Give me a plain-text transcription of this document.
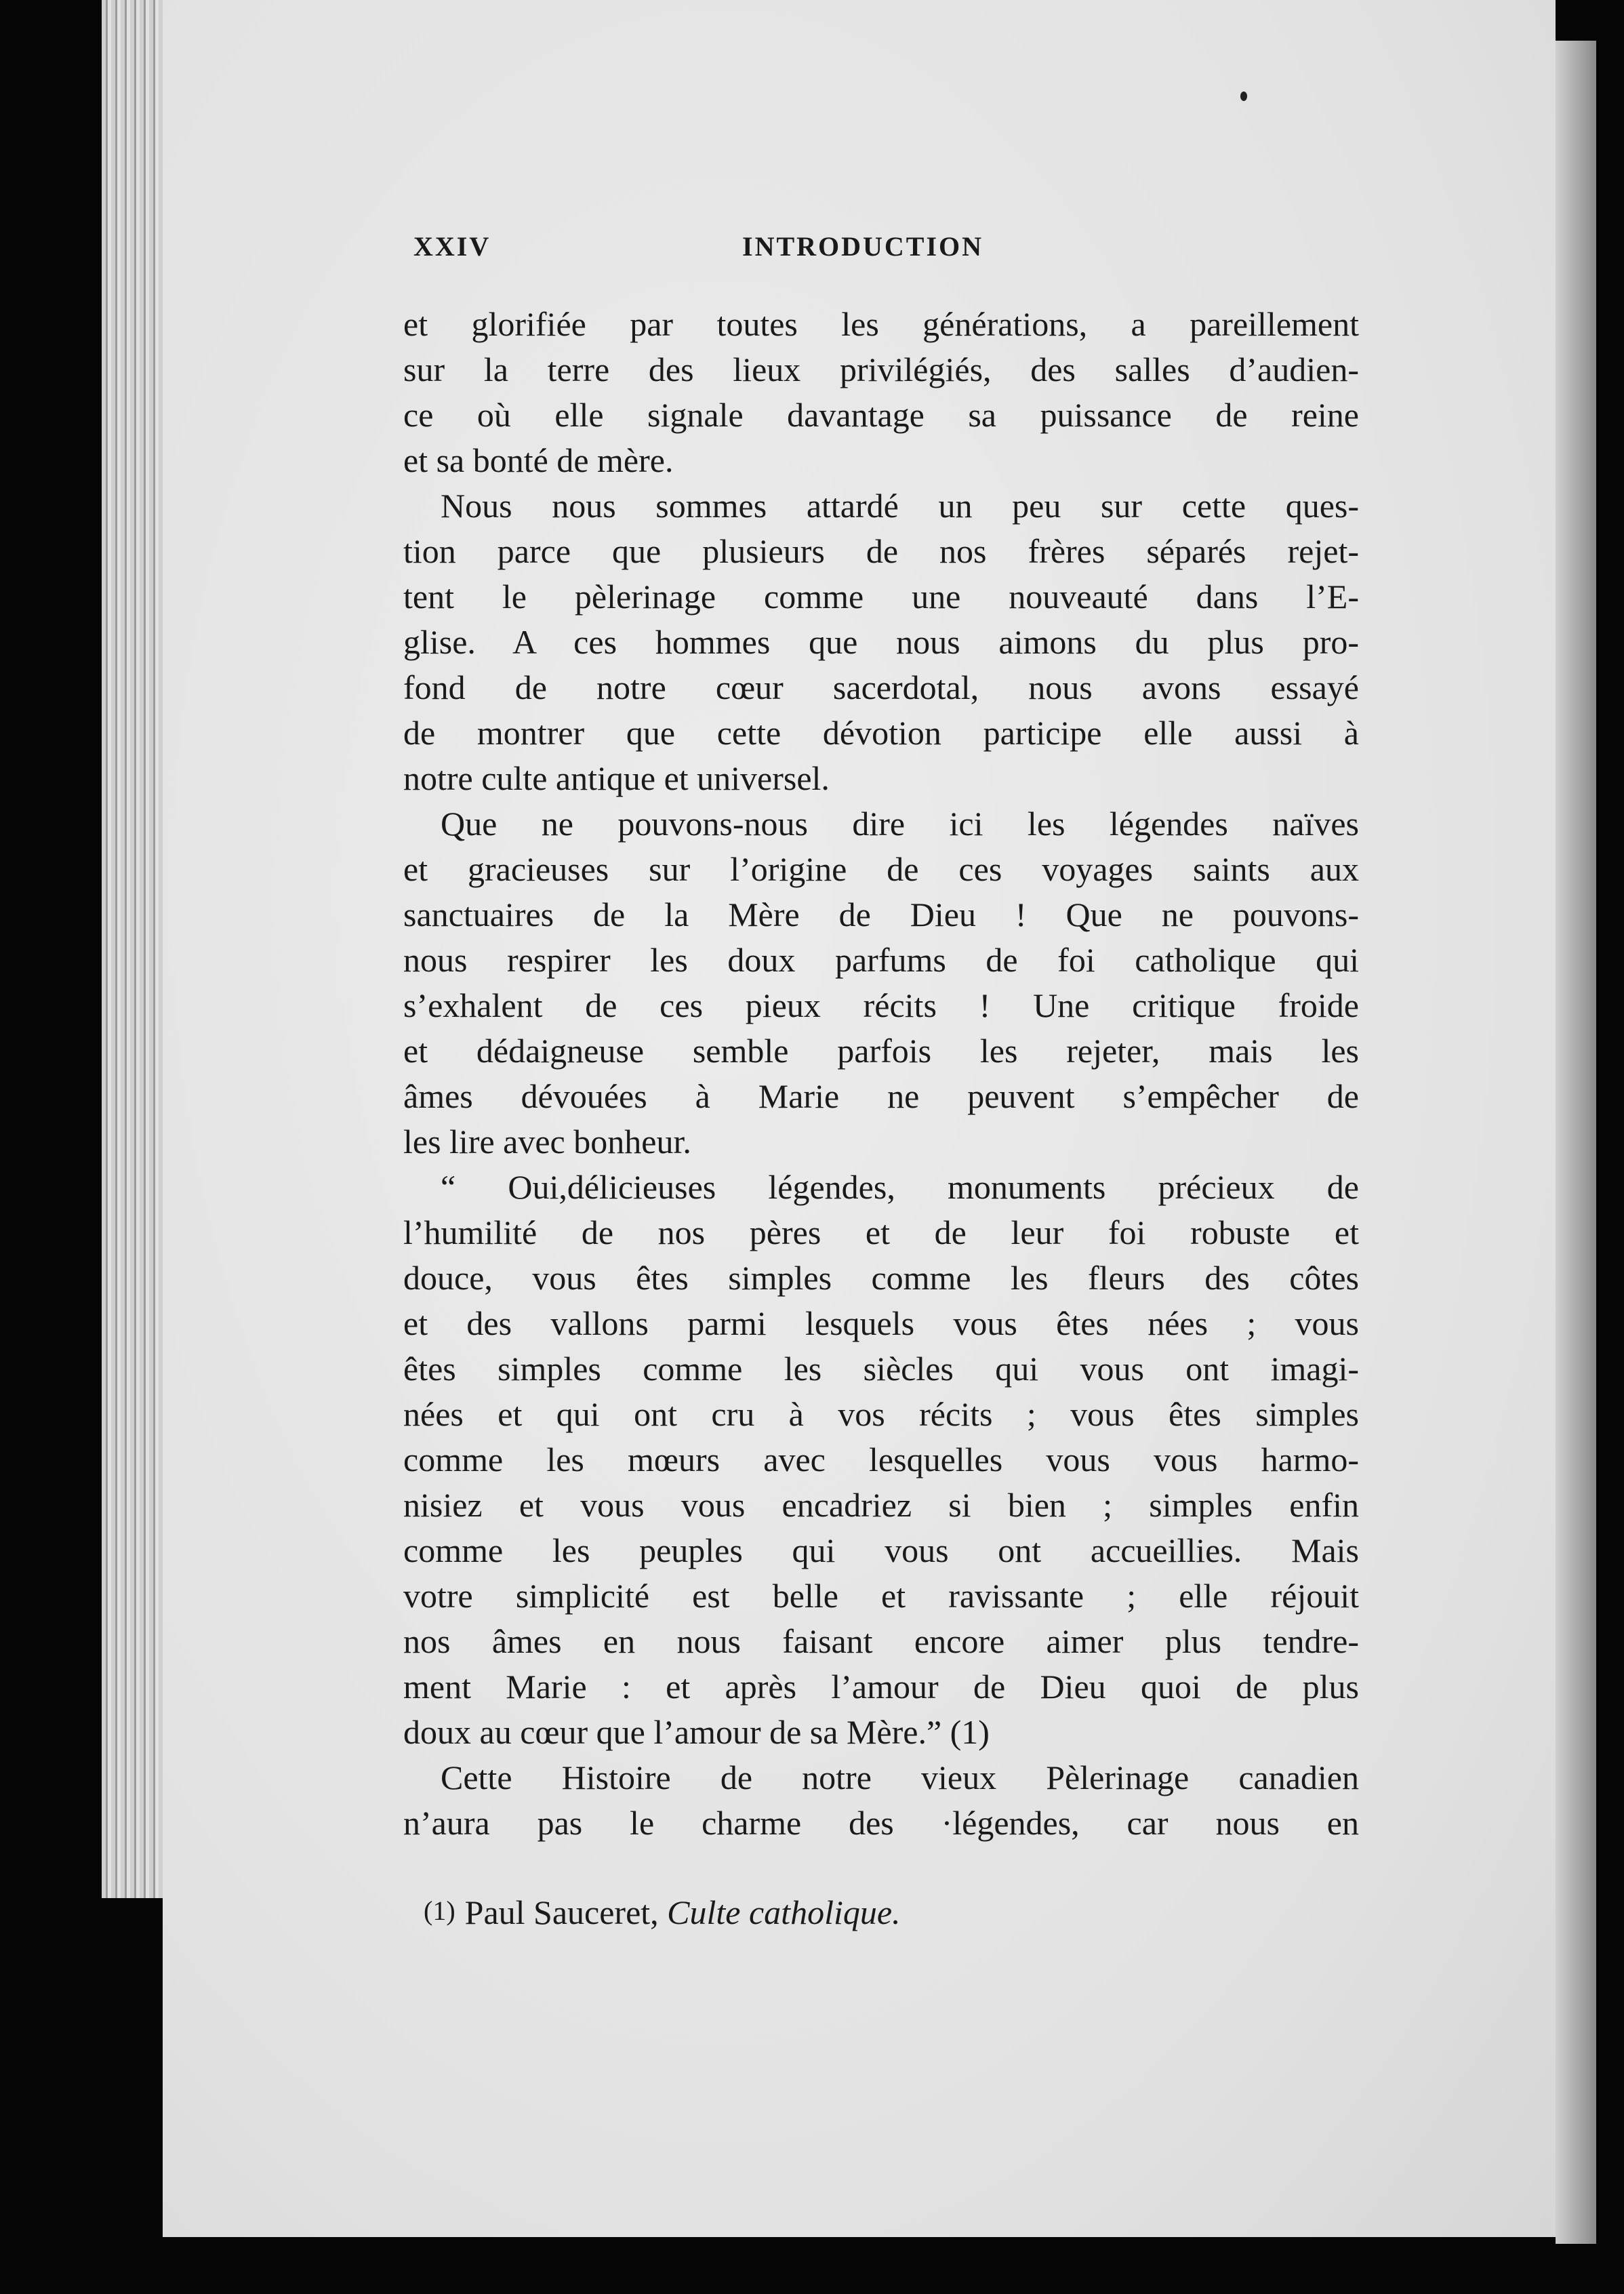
XXIV	INTRODUCTION
et glorifiée par toutes les générations, a pareillement
sur la terre des lieux privilégiés, des salles d’audien-
ce où elle signale davantage sa puissance de reine
et sa bonté de mère.
Nous nous sommes attardé un peu sur cette ques-
tion parce que plusieurs de nos frères séparés rejet-
tent le pèlerinage comme une nouveauté dans l’E-
glise. A ces hommes que nous aimons du plus pro-
fond de notre cœur sacerdotal, nous avons essayé
de montrer que cette dévotion participe elle aussi à
notre culte antique et universel.
Que ne pouvons-nous dire ici les légendes naïves
et gracieuses sur l’origine de ces voyages saints aux
sanctuaires de la Mère de Dieu ! Que ne pouvons-
nous respirer les doux parfums de foi catholique qui
s’exhalent de ces pieux récits ! Une critique froide
et dédaigneuse semble parfois les rejeter, mais les
âmes dévouées à Marie ne peuvent s’empêcher de
les lire avec bonheur.
“ Oui,délicieuses légendes, monuments précieux de
l’humilité de nos pères et de leur foi robuste et
douce, vous êtes simples comme les fleurs des côtes
et des vallons parmi lesquels vous êtes nées ; vous
êtes simples comme les siècles qui vous ont imagi-
nées et qui ont cru à vos récits ; vous êtes simples
comme les mœurs avec lesquelles vous vous harmo-
nisiez et vous vous encadriez si bien ; simples enfin
comme les peuples qui vous ont accueillies. Mais
votre simplicité est belle et ravissante ; elle réjouit
nos âmes en nous faisant encore aimer plus tendre-
ment Marie : et après l’amour de Dieu quoi de plus
doux au cœur que l’amour de sa Mère.” (1)
Cette Histoire de notre vieux Pèlerinage canadien
n’aura pas le charme des ·légendes, car nous en
(1) Paul Sauceret, Culte catholique.
